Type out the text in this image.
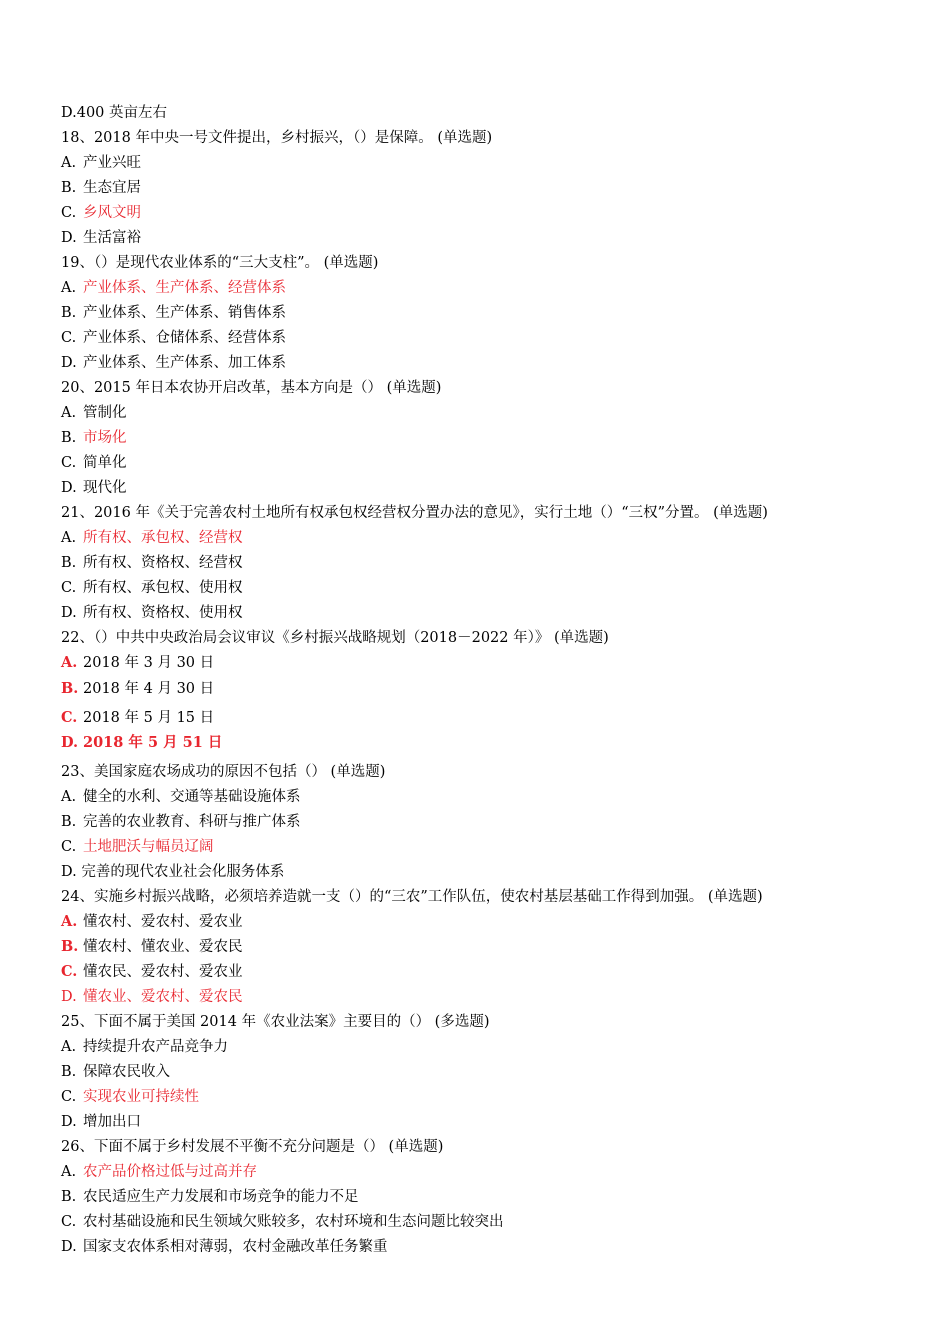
D.400 英亩左右
18、2018 年中央一号文件提出，乡村振兴，（）是保障。 (单选题)
A. 产业兴旺
B. 生态宜居
C. 乡风文明
D. 生活富裕
19、（）是现代农业体系的“三大支柱”。 (单选题)
A. 产业体系、生产体系、经营体系
B. 产业体系、生产体系、销售体系
C. 产业体系、仓储体系、经营体系
D. 产业体系、生产体系、加工体系
20、2015 年日本农协开启改革，基本方向是（） (单选题)
A. 管制化
B. 市场化
C. 简单化
D. 现代化
21、2016 年《关于完善农村土地所有权承包权经营权分置办法的意见》，实行土地（）“三权”分置。 (单选题)
A. 所有权、承包权、经营权
B. 所有权、资格权、经营权
C. 所有权、承包权、使用权
D. 所有权、资格权、使用权
22、（）中共中央政治局会议审议《乡村振兴战略规划（2018－2022 年）》 (单选题)
A. 2018 年 3 月 30 日
B. 2018 年 4 月 30 日
C. 2018 年 5 月 15 日
D. 2018 年 5 月 51 日
23、美国家庭农场成功的原因不包括（） (单选题)
A. 健全的水利、交通等基础设施体系
B. 完善的农业教育、科研与推广体系
C. 土地肥沃与幅员辽阔
D. 完善的现代农业社会化服务体系
24、实施乡村振兴战略，必须培养造就一支（）的“三农”工作队伍，使农村基层基础工作得到加强。 (单选题)
A. 懂农村、爱农村、爱农业
B. 懂农村、懂农业、爱农民
C. 懂农民、爱农村、爱农业
D. 懂农业、爱农村、爱农民
25、下面不属于美国 2014 年《农业法案》主要目的（） (多选题)
A. 持续提升农产品竞争力
B. 保障农民收入
C. 实现农业可持续性
D. 增加出口
26、下面不属于乡村发展不平衡不充分问题是（） (单选题)
A. 农产品价格过低与过高并存
B. 农民适应生产力发展和市场竞争的能力不足
C. 农村基础设施和民生领域欠账较多，农村环境和生态问题比较突出
D. 国家支农体系相对薄弱，农村金融改革任务繁重
